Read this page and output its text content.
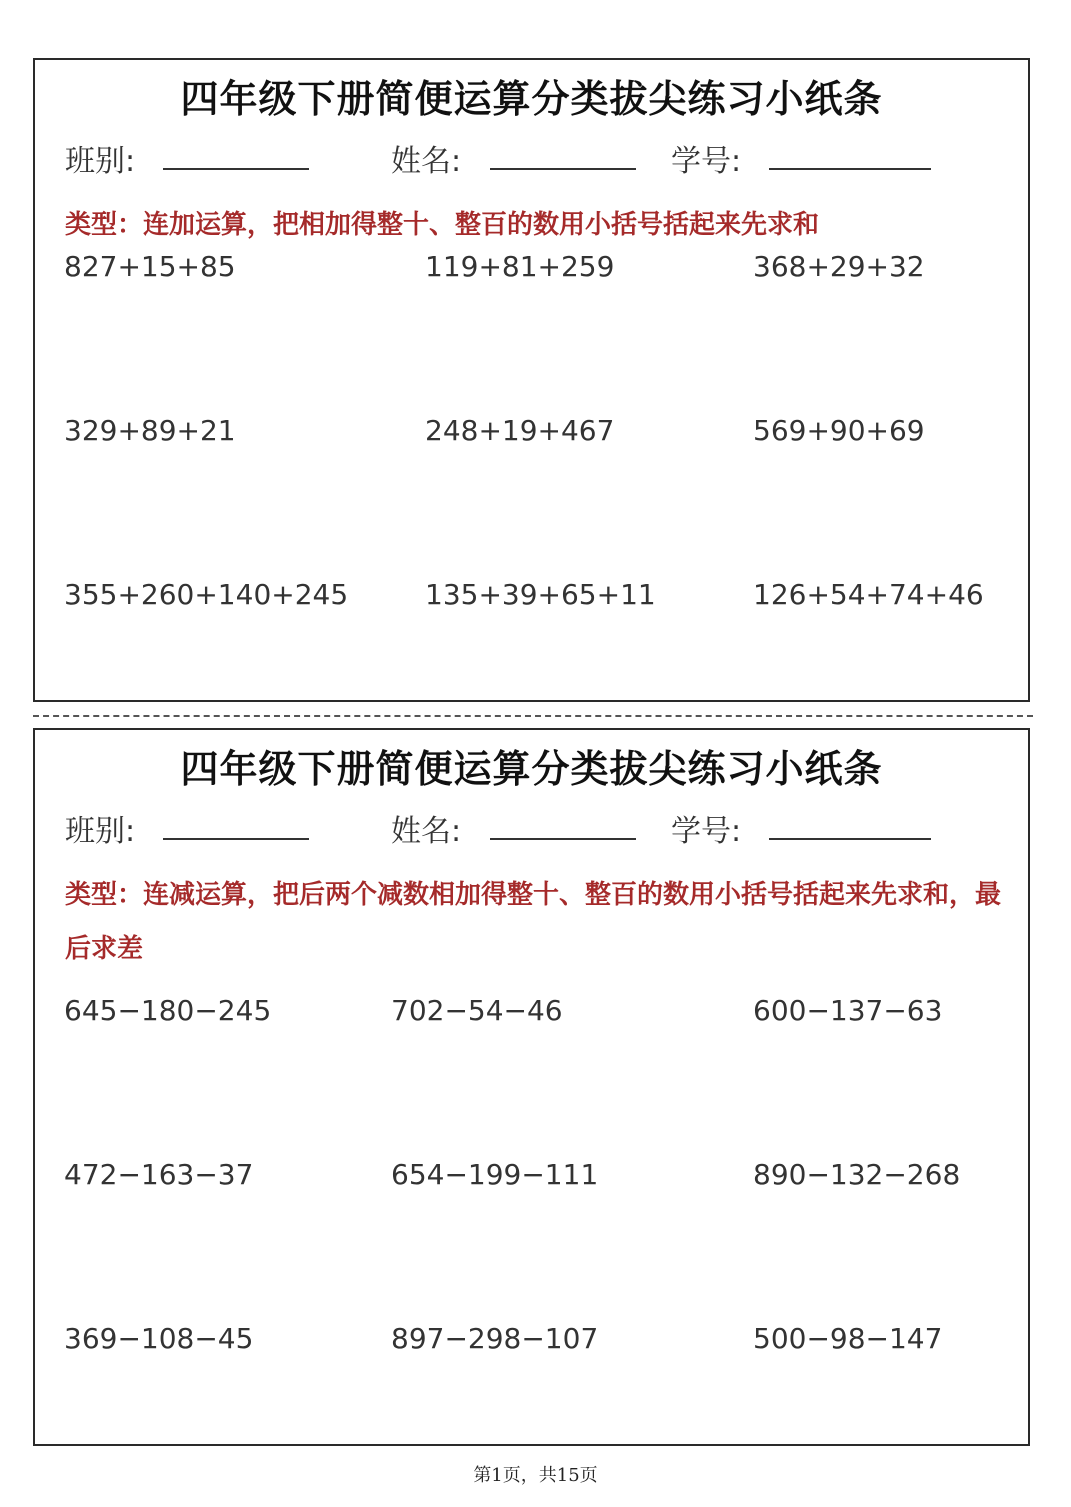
四年级下册简便运算分类拔尖练习小纸条
班别:	姓名:	学号:
类型：连加运算，把相加得整十、整百的数用小括号括起来先求和
827+15+85	119+81+259	368+29+32
329+89+21	248+19+467	569+90+69
355+260+140+245	135+39+65+11	126+54+74+46
四年级下册简便运算分类拔尖练习小纸条
班别:	姓名:	学号:
类型：连减运算，把后两个减数相加得整十、整百的数用小括号括起来先求和，最后求差
645−180−245	702−54−46	600−137−63
472−163−37	654−199−111	890−132−268
369−108−45	897−298−107	500−98−147
第1页，共15页
